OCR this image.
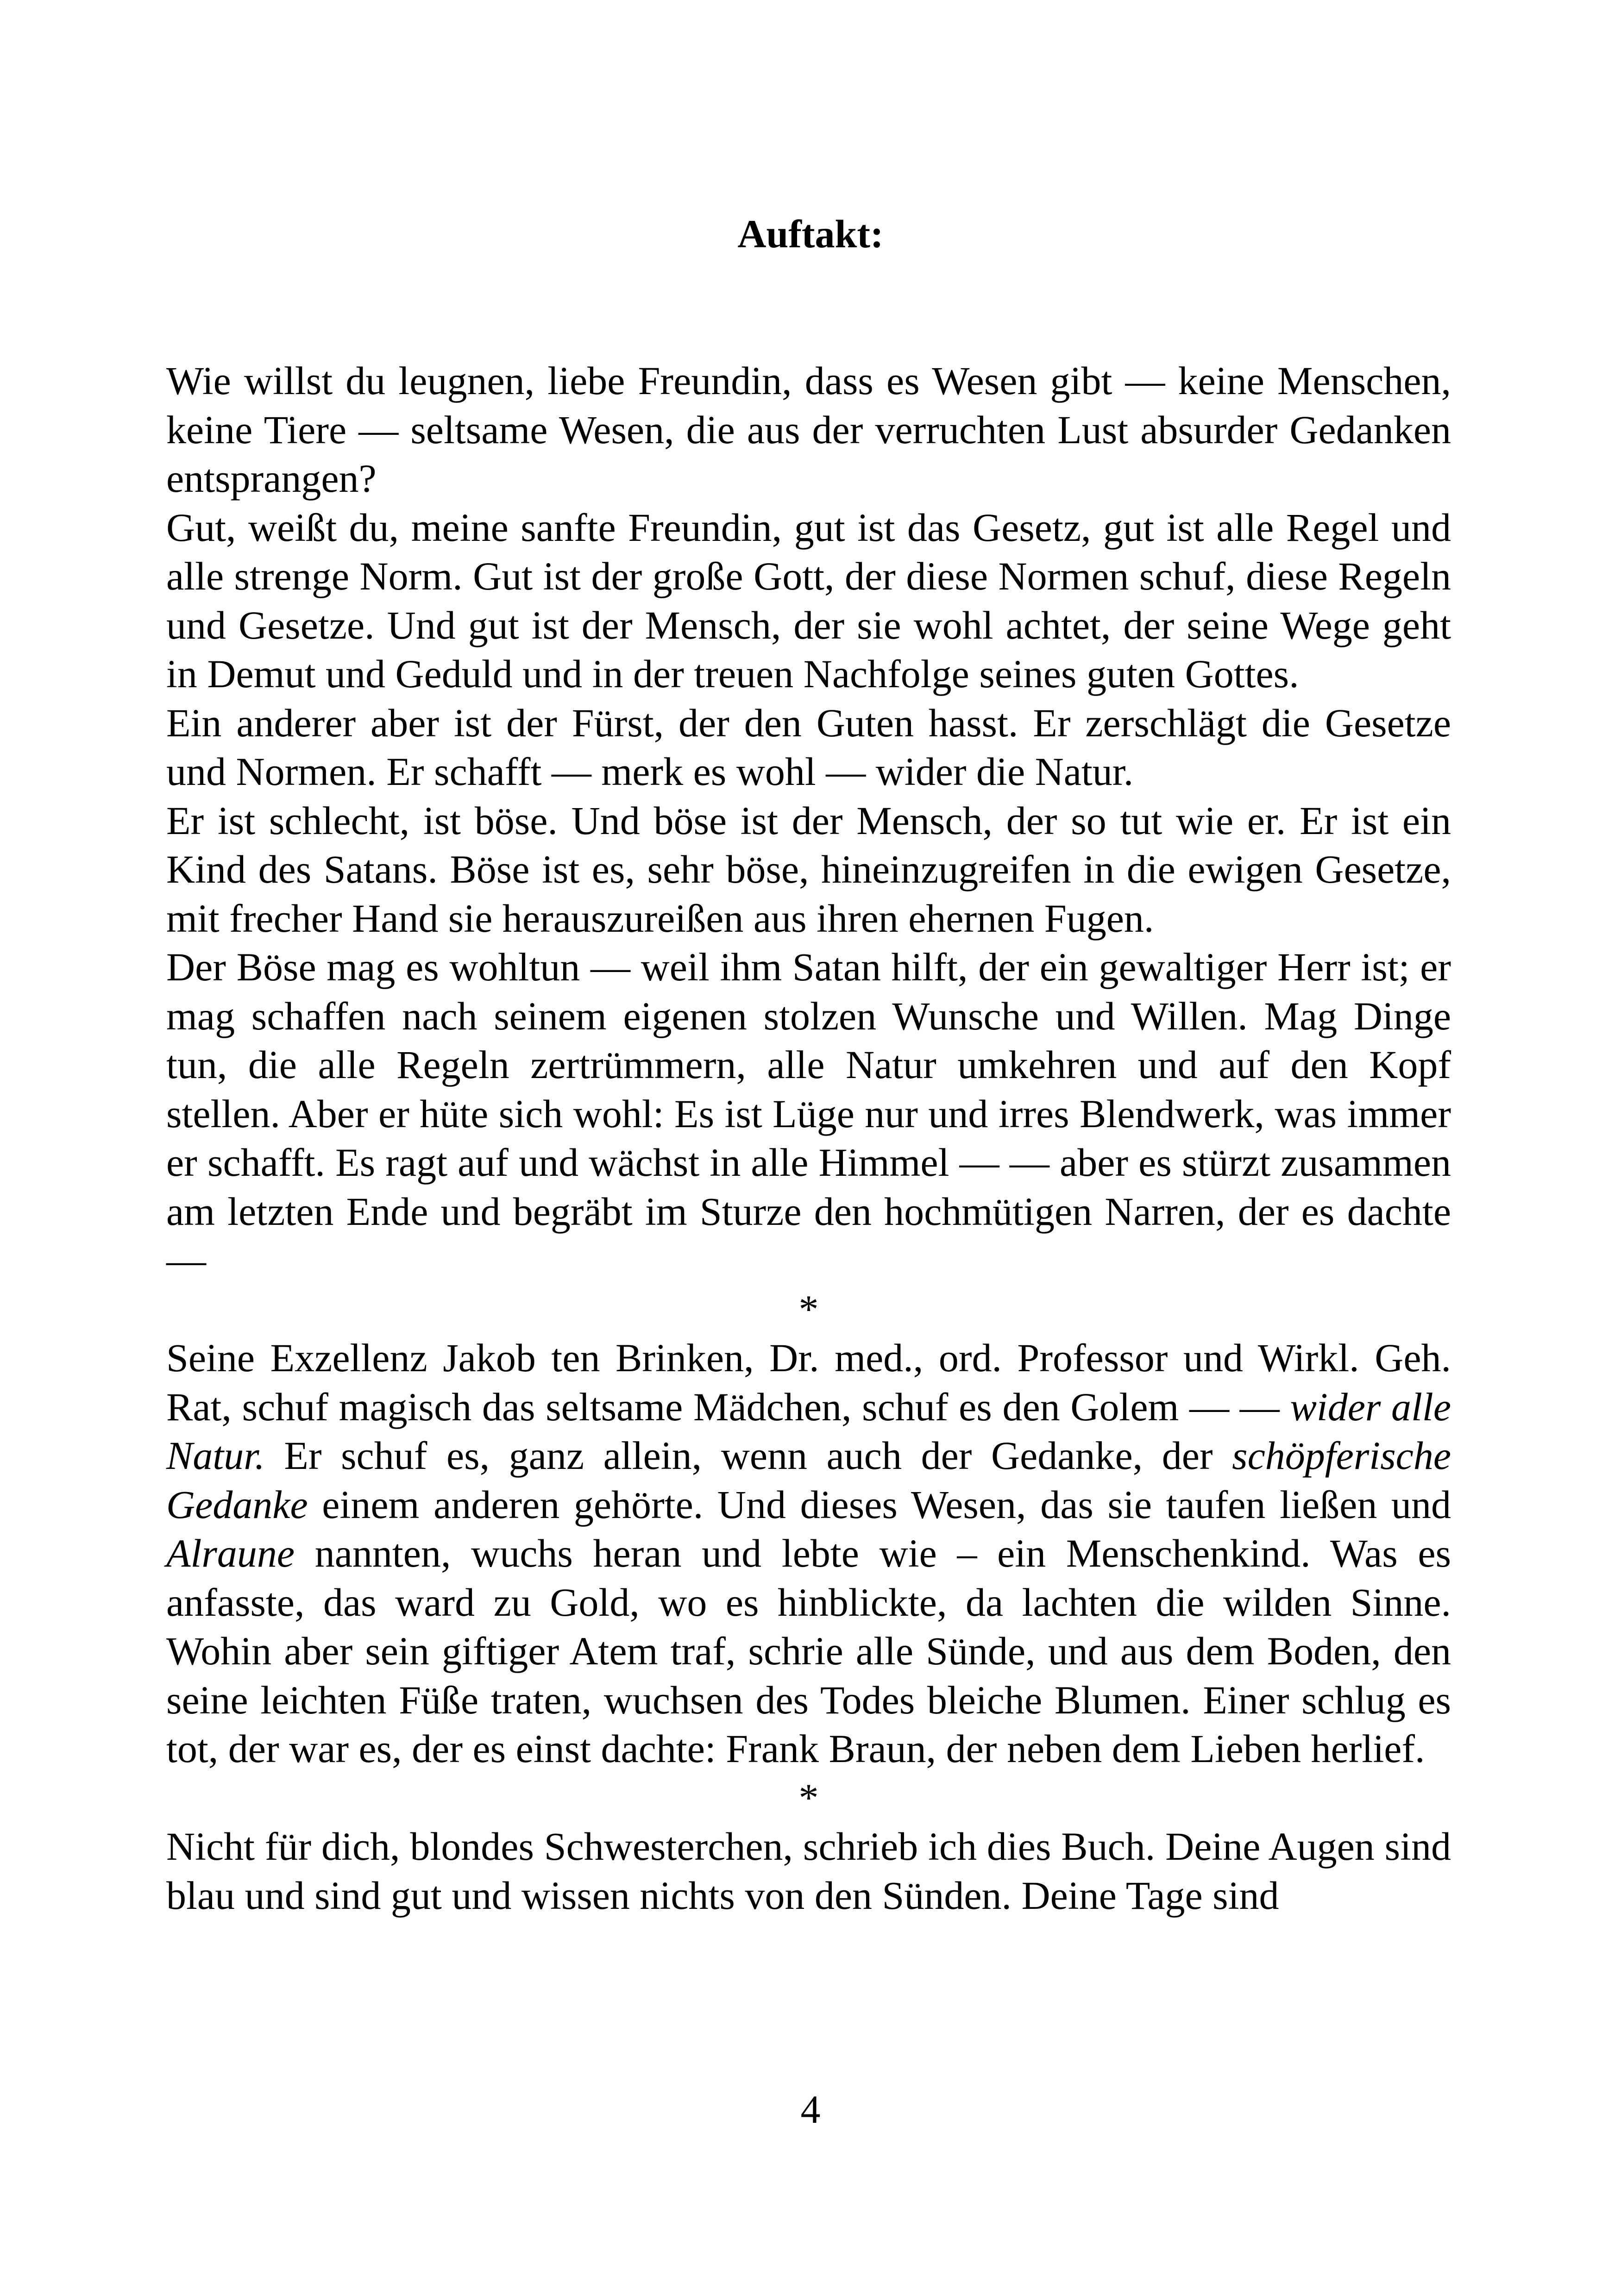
Auftakt:

Wie willst du leugnen, liebe Freundin, dass es Wesen gibt — keine Menschen, keine Tiere — seltsame Wesen, die aus der verruchten Lust absurder Gedanken entsprangen?

Gut, weißt du, meine sanfte Freundin, gut ist das Gesetz, gut ist alle Regel und alle strenge Norm. Gut ist der große Gott, der diese Normen schuf, diese Regeln und Gesetze. Und gut ist der Mensch, der sie wohl achtet, der seine Wege geht in Demut und Geduld und in der treuen Nachfolge seines guten Gottes.

Ein anderer aber ist der Fürst, der den Guten hasst. Er zerschlägt die Gesetze und Normen. Er schafft — merk es wohl — wider die Natur.

Er ist schlecht, ist böse. Und böse ist der Mensch, der so tut wie er. Er ist ein Kind des Satans. Böse ist es, sehr böse, hineinzugreifen in die ewigen Gesetze, mit frecher Hand sie herauszureißen aus ihren ehernen Fugen.

Der Böse mag es wohltun — weil ihm Satan hilft, der ein gewaltiger Herr ist; er mag schaffen nach seinem eigenen stolzen Wunsche und Willen. Mag Dinge tun, die alle Regeln zertrümmern, alle Natur umkehren und auf den Kopf stellen. Aber er hüte sich wohl: Es ist Lüge nur und irres Blendwerk, was immer er schafft. Es ragt auf und wächst in alle Himmel — — aber es stürzt zusammen am letzten Ende und begräbt im Sturze den hochmütigen Narren, der es dachte —

*

Seine Exzellenz Jakob ten Brinken, Dr. med., ord. Professor und Wirkl. Geh. Rat, schuf magisch das seltsame Mädchen, schuf es den Golem — — wider alle Natur. Er schuf es, ganz allein, wenn auch der Gedanke, der schöpferische Gedanke einem anderen gehörte. Und dieses Wesen, das sie taufen ließen und Alraune nannten, wuchs heran und lebte wie – ein Menschenkind. Was es anfasste, das ward zu Gold, wo es hinblickte, da lachten die wilden Sinne. Wohin aber sein giftiger Atem traf, schrie alle Sünde, und aus dem Boden, den seine leichten Füße traten, wuchsen des Todes bleiche Blumen. Einer schlug es tot, der war es, der es einst dachte: Frank Braun, der neben dem Lieben herlief.

*

Nicht für dich, blondes Schwesterchen, schrieb ich dies Buch. Deine Augen sind blau und sind gut und wissen nichts von den Sünden. Deine Tage sind

4
